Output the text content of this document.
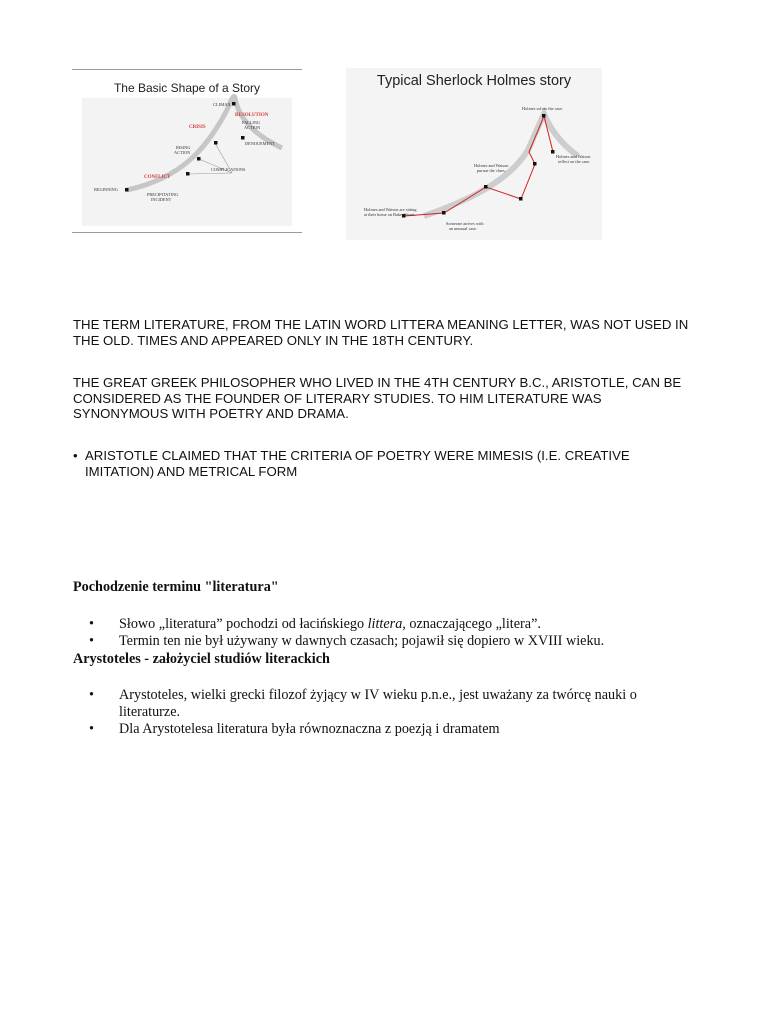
The Basic Shape of a Story
CLIMAX
RESOLUTION
CRISIS
FALLING
ACTION
RISING
ACTION
DENOUEMENT
COMPLICATIONS
CONFLICT
BEGINNING
PRECIPITATING
INCIDENT
Typical Sherlock Holmes story
Holmes solves the case.
Holmes and Watson
reflect on the case.
Holmes and Watson
pursue the clues.
Holmes and Watson are sitting
at their home on Baker Street.
Someone arrives with
an unusual case.

THE TERM LITERATURE, FROM THE LATIN WORD LITTERA MEANING LETTER, WAS NOT USED IN THE OLD. TIMES AND APPEARED ONLY IN THE 18TH CENTURY.

THE GREAT GREEK PHILOSOPHER WHO LIVED IN THE 4TH CENTURY B.C., ARISTOTLE, CAN BE CONSIDERED AS THE FOUNDER OF LITERARY STUDIES. TO HIM LITERATURE WAS SYNONYMOUS WITH POETRY AND DRAMA.

• ARISTOTLE CLAIMED THAT THE CRITERIA OF POETRY WERE MIMESIS (I.E. CREATIVE IMITATION) AND METRICAL FORM
Pochodzenie terminu "literatura"
• Słowo „literatura” pochodzi od łacińskiego littera, oznaczającego „litera”.
• Termin ten nie był używany w dawnych czasach; pojawił się dopiero w XVIII wieku.
Arystoteles - założyciel studiów literackich
• Arystoteles, wielki grecki filozof żyjący w IV wieku p.n.e., jest uważany za twórcę nauki o literaturze.
• Dla Arystotelesa literatura była równoznaczna z poezją i dramatem
